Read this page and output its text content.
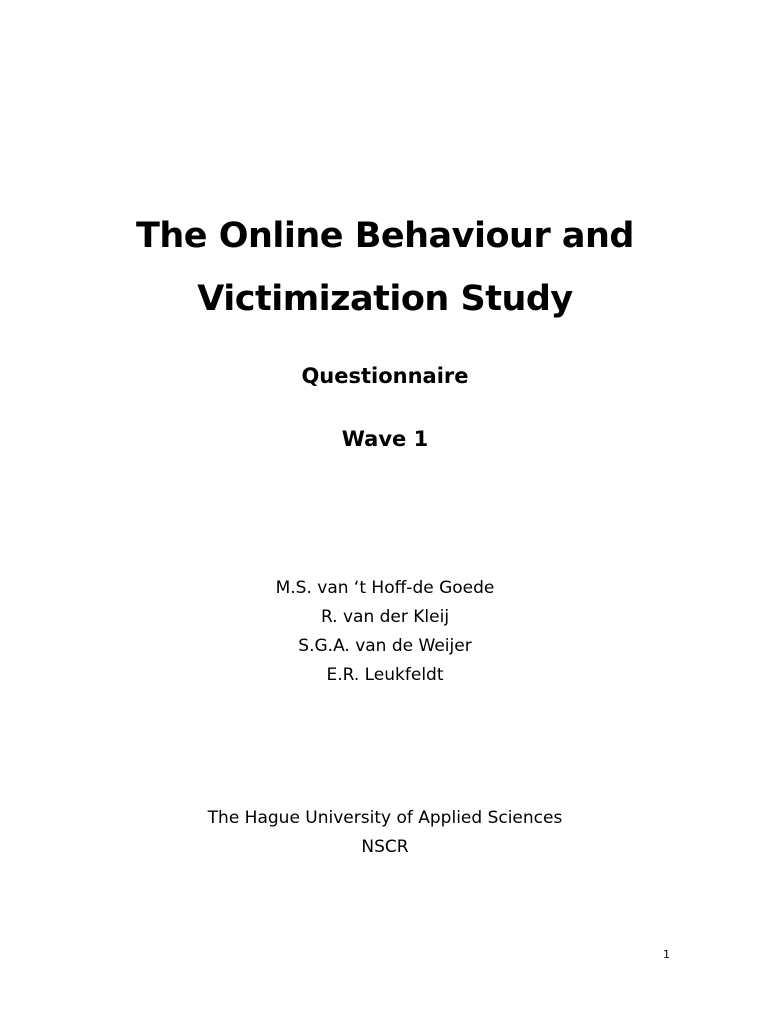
The Online Behaviour and
Victimization Study
Questionnaire
Wave 1
M.S. van ‘t Hoff-de Goede
R. van der Kleij
S.G.A. van de Weijer
E.R. Leukfeldt
The Hague University of Applied Sciences
NSCR
1
